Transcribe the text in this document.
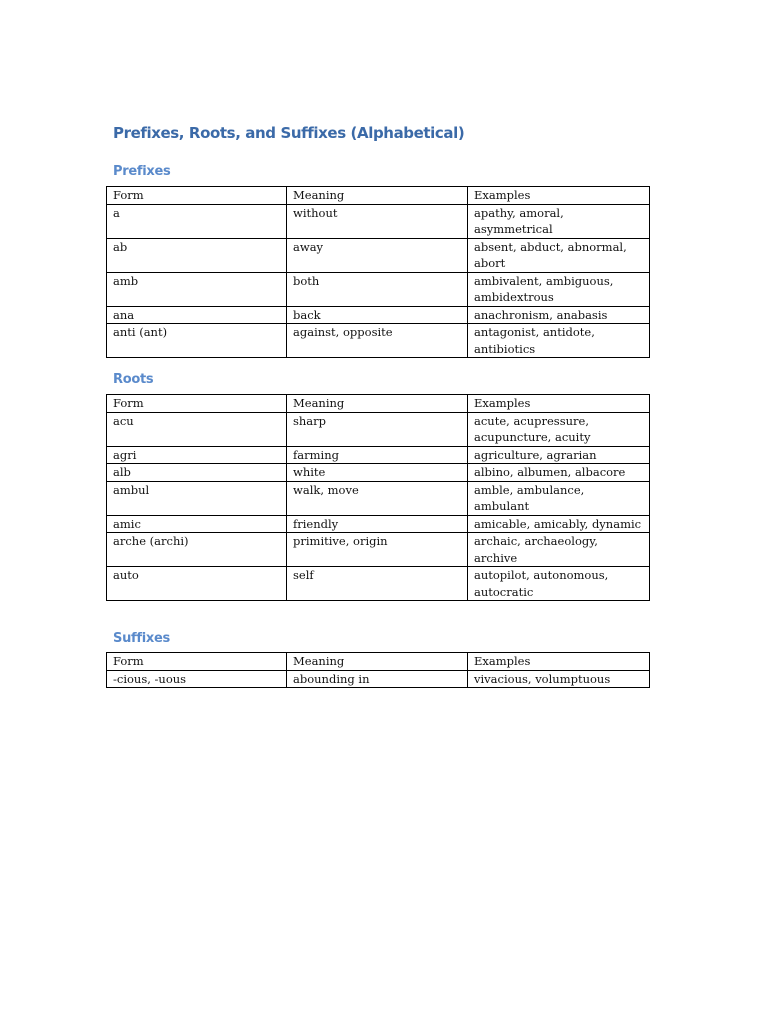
Prefixes, Roots, and Suffixes (Alphabetical)
Prefixes
Form	Meaning	Examples
a	without	apathy, amoral, asymmetrical
ab	away	absent, abduct, abnormal, abort
amb	both	ambivalent, ambiguous, ambidextrous
ana	back	anachronism, anabasis
anti (ant)	against, opposite	antagonist, antidote, antibiotics
Roots
Form	Meaning	Examples
acu	sharp	acute, acupressure, acupuncture, acuity
agri	farming	agriculture, agrarian
alb	white	albino, albumen, albacore
ambul	walk, move	amble, ambulance, ambulant
amic	friendly	amicable, amicably, dynamic
arche (archi)	primitive, origin	archaic, archaeology, archive
auto	self	autopilot, autonomous, autocratic
Suffixes
Form	Meaning	Examples
-cious, -uous	abounding in	vivacious, volumptuous
